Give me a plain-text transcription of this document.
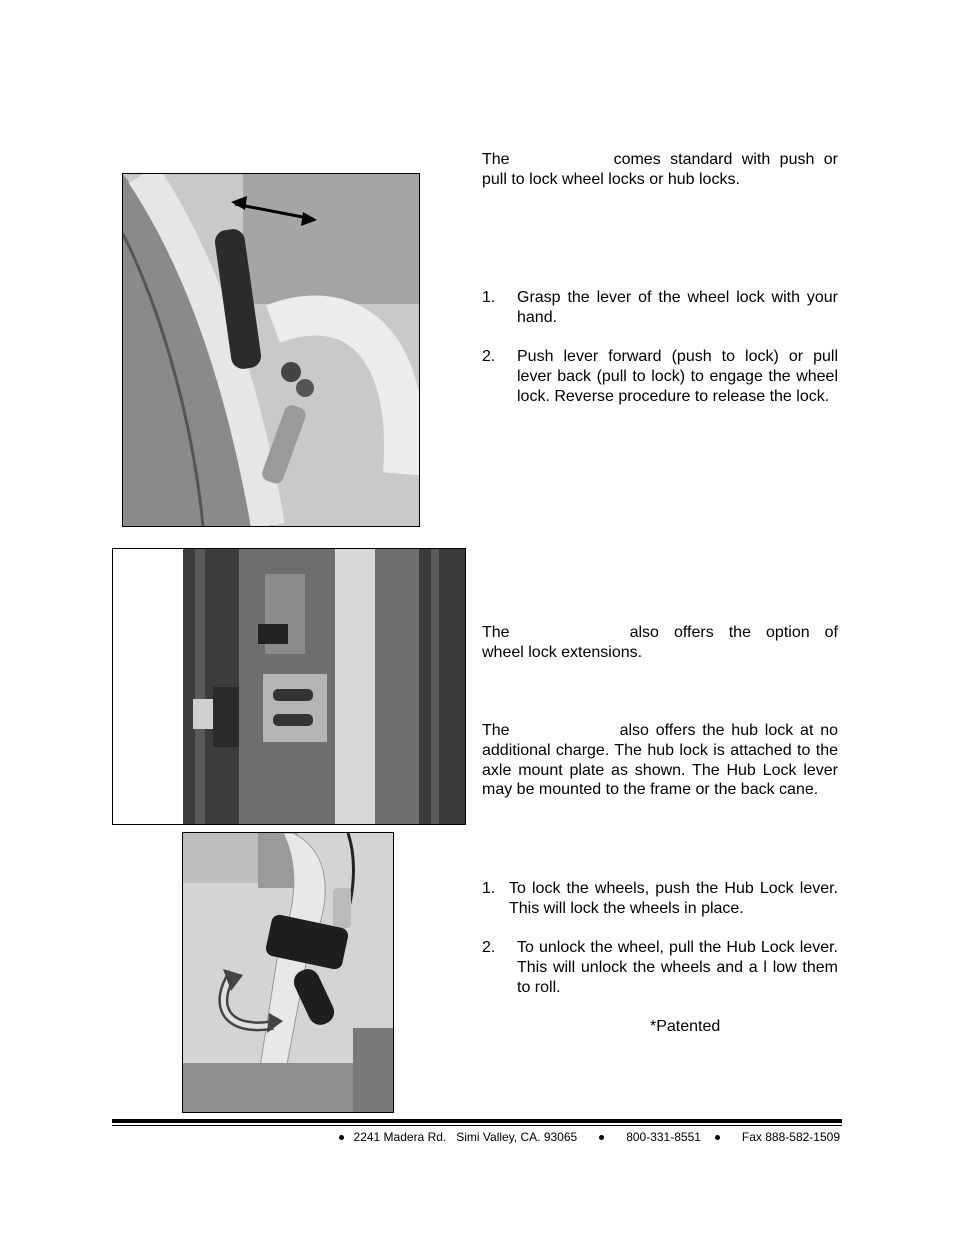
The	comes standard with push or pull to lock wheel locks or hub locks.
1. Grasp the lever of the wheel lock with your hand.
2. Push lever forward (push to lock) or pull lever back (pull to lock) to engage the wheel lock. Reverse procedure to release the lock.
The	also offers the option of wheel lock extensions.
The	also offers the hub lock at no additional charge. The hub lock is attached to the axle mount plate as shown. The Hub Lock lever may be mounted to the frame or the back cane.
1. To lock the wheels, push the Hub Lock lever. This will lock the wheels in place.
2. To unlock the wheel, pull the Hub Lock lever. This will unlock the wheels and a l low them to roll.
*Patented
2241 Madera Rd.   Simi Valley, CA. 93065	800-331-8551	Fax 888-582-1509
